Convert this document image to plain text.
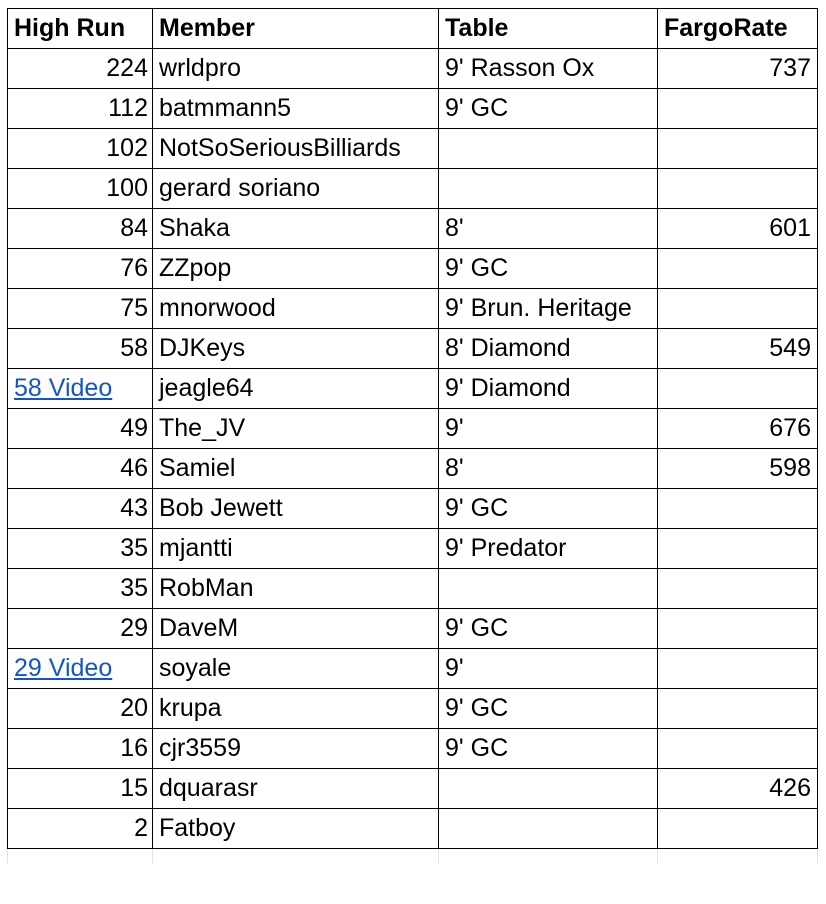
High Run	Member	Table	FargoRate
224	wrldpro	9' Rasson Ox	737
112	batmmann5	9' GC	
102	NotSoSeriousBilliards		
100	gerard soriano		
84	Shaka	8'	601
76	ZZpop	9' GC	
75	mnorwood	9' Brun. Heritage	
58	DJKeys	8' Diamond	549
58 Video	jeagle64	9' Diamond	
49	The_JV	9'	676
46	Samiel	8'	598
43	Bob Jewett	9' GC	
35	mjantti	9' Predator	
35	RobMan		
29	DaveM	9' GC	
29 Video	soyale	9'	
20	krupa	9' GC	
16	cjr3559	9' GC	
15	dquarasr		426
2	Fatboy		
